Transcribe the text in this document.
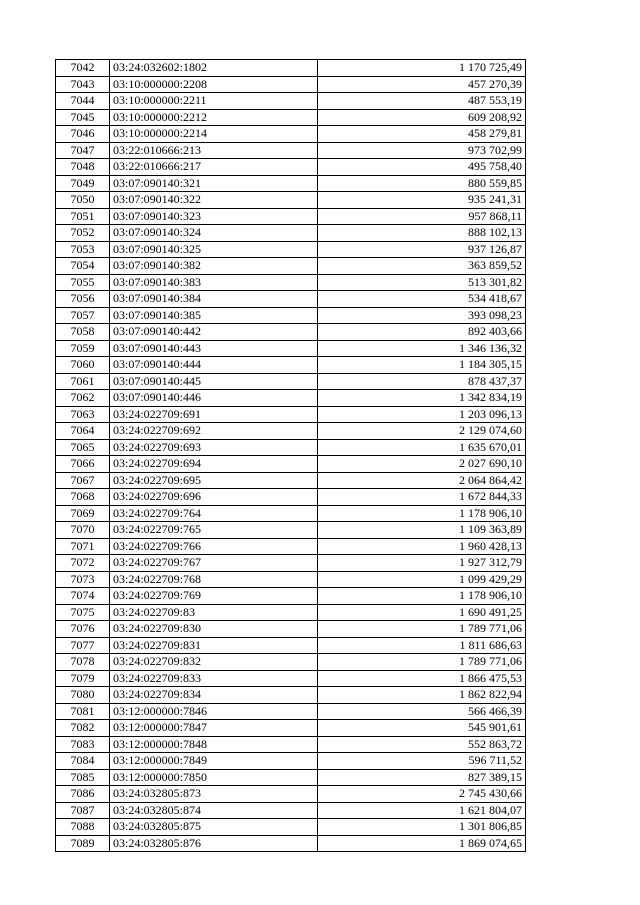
7042	03:24:032602:1802	1 170 725,49
7043	03:10:000000:2208	457 270,39
7044	03:10:000000:2211	487 553,19
7045	03:10:000000:2212	609 208,92
7046	03:10:000000:2214	458 279,81
7047	03:22:010666:213	973 702,99
7048	03:22:010666:217	495 758,40
7049	03:07:090140:321	880 559,85
7050	03:07:090140:322	935 241,31
7051	03:07:090140:323	957 868,11
7052	03:07:090140:324	888 102,13
7053	03:07:090140:325	937 126,87
7054	03:07:090140:382	363 859,52
7055	03:07:090140:383	513 301,82
7056	03:07:090140:384	534 418,67
7057	03:07:090140:385	393 098,23
7058	03:07:090140:442	892 403,66
7059	03:07:090140:443	1 346 136,32
7060	03:07:090140:444	1 184 305,15
7061	03:07:090140:445	878 437,37
7062	03:07:090140:446	1 342 834,19
7063	03:24:022709:691	1 203 096,13
7064	03:24:022709:692	2 129 074,60
7065	03:24:022709:693	1 635 670,01
7066	03:24:022709:694	2 027 690,10
7067	03:24:022709:695	2 064 864,42
7068	03:24:022709:696	1 672 844,33
7069	03:24:022709:764	1 178 906,10
7070	03:24:022709:765	1 109 363,89
7071	03:24:022709:766	1 960 428,13
7072	03:24:022709:767	1 927 312,79
7073	03:24:022709:768	1 099 429,29
7074	03:24:022709:769	1 178 906,10
7075	03:24:022709:83	1 690 491,25
7076	03:24:022709:830	1 789 771,06
7077	03:24:022709:831	1 811 686,63
7078	03:24:022709:832	1 789 771,06
7079	03:24:022709:833	1 866 475,53
7080	03:24:022709:834	1 862 822,94
7081	03:12:000000:7846	566 466,39
7082	03:12:000000:7847	545 901,61
7083	03:12:000000:7848	552 863,72
7084	03:12:000000:7849	596 711,52
7085	03:12:000000:7850	827 389,15
7086	03:24:032805:873	2 745 430,66
7087	03:24:032805:874	1 621 804,07
7088	03:24:032805:875	1 301 806,85
7089	03:24:032805:876	1 869 074,65
